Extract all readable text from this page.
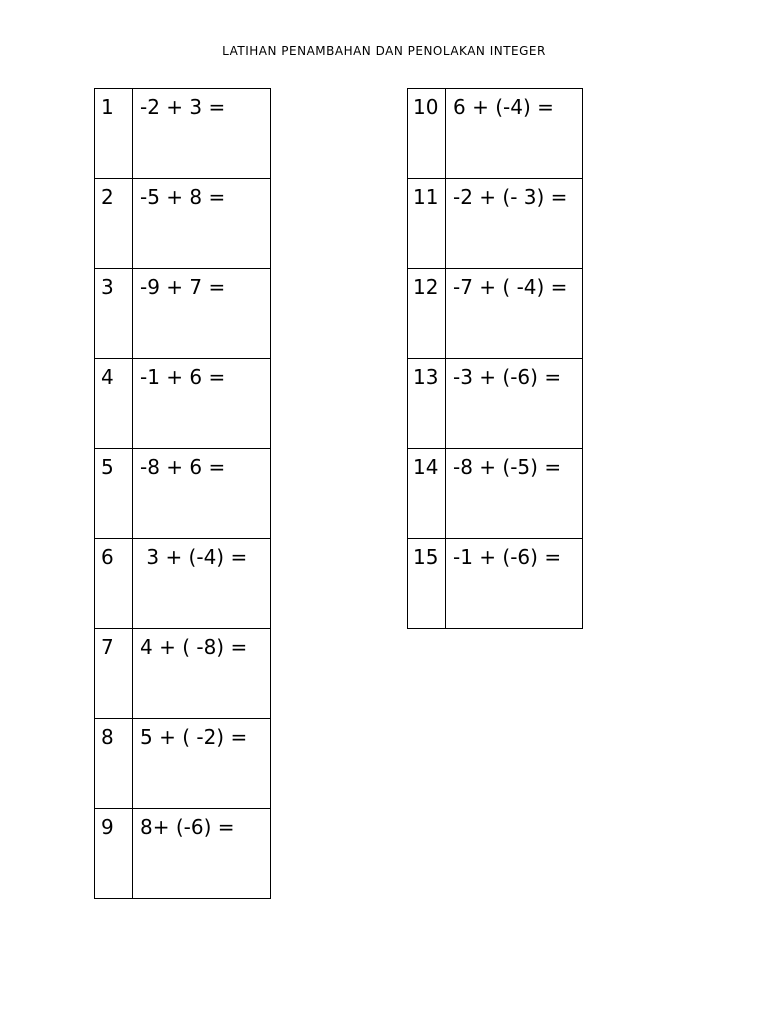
LATIHAN PENAMBAHAN DAN PENOLAKAN INTEGER
1	-2 + 3 =
2	-5 + 8 =
3	-9 + 7 =
4	-1 + 6 =
5	-8 + 6 =
6	3 + (-4) =
7	4 + ( -8) =
8	5 + ( -2) =
9	8+ (-6) =
10	6 + (-4) =
11	-2 + (- 3) =
12	-7 + ( -4) =
13	-3 + (-6) =
14	-8 + (-5) =
15	-1 + (-6) =
